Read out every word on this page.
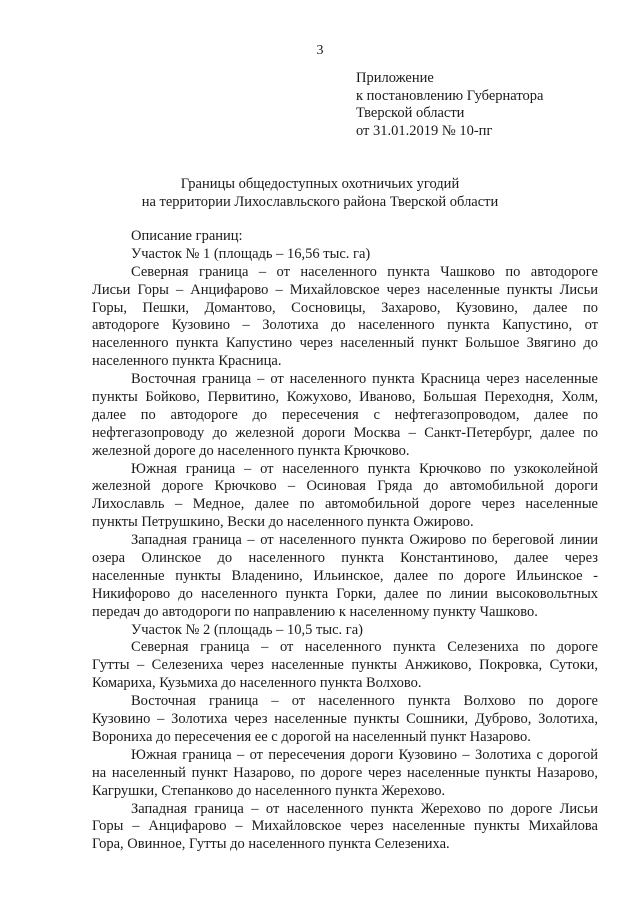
3
Приложение
к постановлению Губернатора
Тверской области
от 31.01.2019 № 10-пг
Границы общедоступных охотничьих угодий
на территории Лихославльского района Тверской области
Описание границ:
Участок № 1 (площадь – 16,56 тыс. га)
Северная граница – от населенного пункта Чашково по автодороге
Лисьи Горы – Анцифарово – Михайловское через населенные пункты Лисьи
Горы, Пешки, Домантово, Сосновицы, Захарово, Кузовино, далее по
автодороге Кузовино – Золотиха до населенного пункта Капустино, от
населенного пункта Капустино через населенный пункт Большое Звягино до
населенного пункта Красница.
Восточная граница – от населенного пункта Красница через населенные
пункты Бойково, Первитино, Кожухово, Иваново, Большая Переходня, Холм,
далее по автодороге до пересечения с нефтегазопроводом, далее по
нефтегазопроводу до железной дороги Москва – Санкт-Петербург, далее по
железной дороге до населенного пункта Крючково.
Южная граница – от населенного пункта Крючково по узкоколейной
железной дороге Крючково – Осиновая Гряда до автомобильной дороги
Лихославль – Медное, далее по автомобильной дороге через населенные
пункты Петрушкино, Вески до населенного пункта Ожирово.
Западная граница – от населенного пункта Ожирово по береговой линии
озера Олинское до населенного пункта Константиново, далее через
населенные пункты Владенино, Ильинское, далее по дороге Ильинское -
Никифорово до населенного пункта Горки, далее по линии высоковольтных
передач до автодороги по направлению к населенному пункту Чашково.
Участок № 2 (площадь – 10,5 тыс. га)
Северная граница – от населенного пункта Селезениха по дороге
Гутты – Селезениха через населенные пункты Анжиково, Покровка, Сутоки,
Комариха, Кузьмиха до населенного пункта Волхово.
Восточная граница – от населенного пункта Волхово по дороге
Кузовино – Золотиха через населенные пункты Сошники, Дуброво, Золотиха,
Ворониха до пересечения ее с дорогой на населенный пункт Назарово.
Южная граница – от пересечения дороги Кузовино – Золотиха с дорогой
на населенный пункт Назарово, по дороге через населенные пункты Назарово,
Кагрушки, Степанково до населенного пункта Жерехово.
Западная граница – от населенного пункта Жерехово по дороге Лисьи
Горы – Анцифарово – Михайловское через населенные пункты Михайлова
Гора, Овинное, Гутты до населенного пункта Селезениха.
